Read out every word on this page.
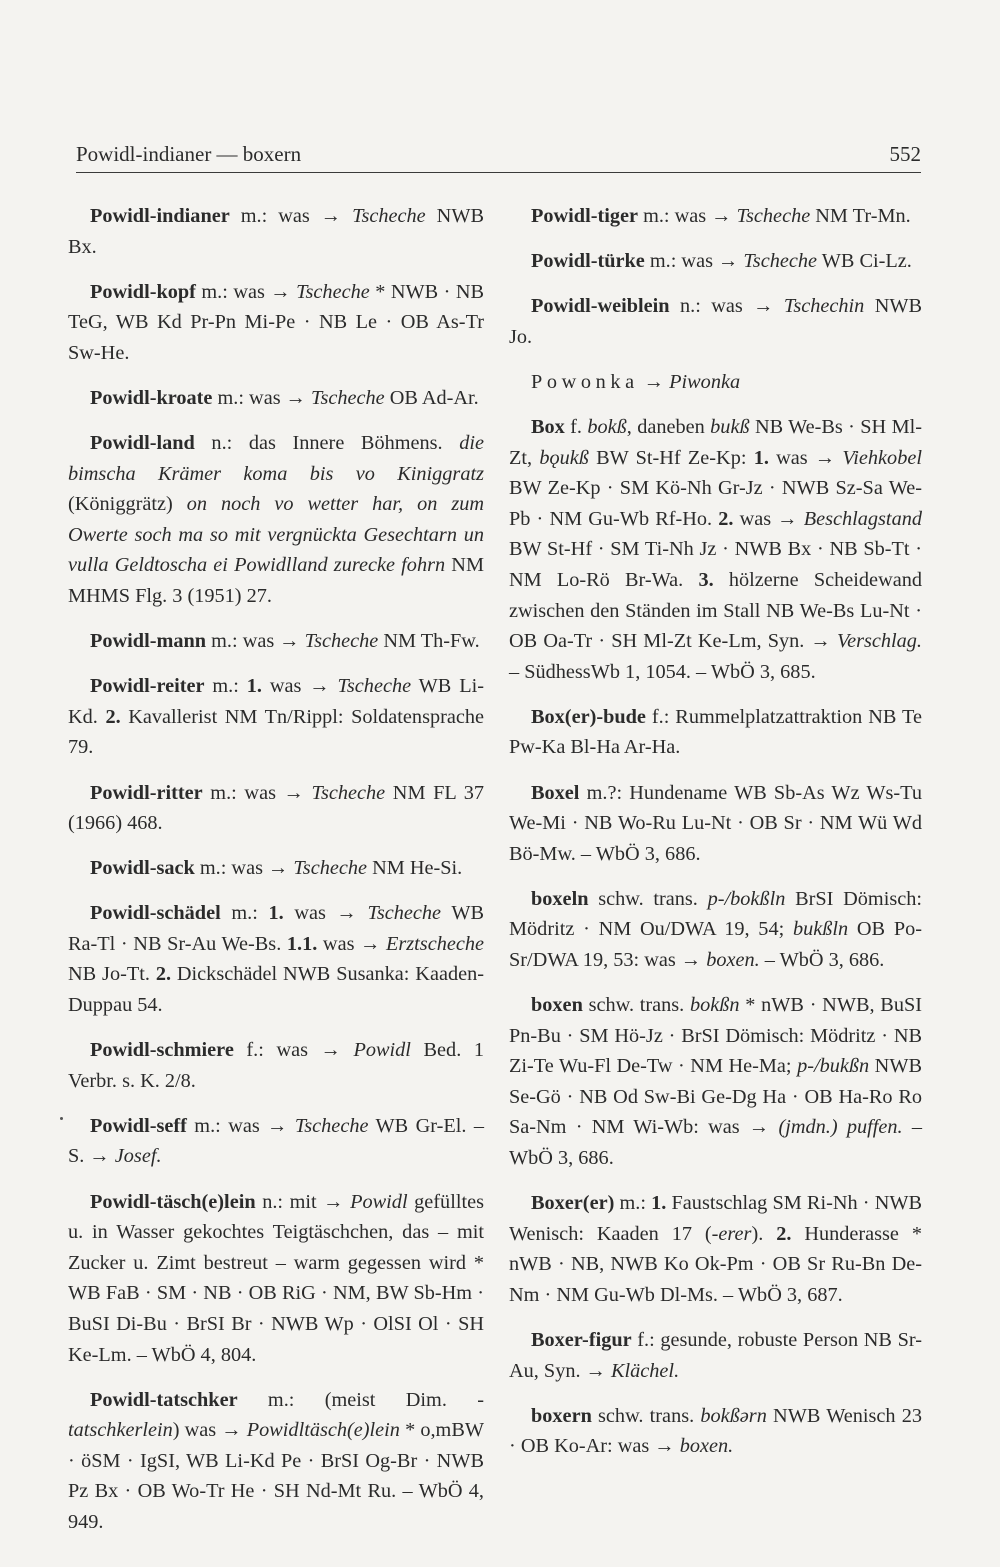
Powidl-indianer — boxern	552

Powidl-indianer m.: was → Tscheche NWB Bx.

Powidl-kopf m.: was → Tscheche * NWB · NB TeG, WB Kd Pr-Pn Mi-Pe · NB Le · OB As-Tr Sw-He.

Powidl-kroate m.: was → Tscheche OB Ad-Ar.

Powidl-land n.: das Innere Böhmens. die bimscha Krämer koma bis vo Kiniggratz (Königgrätz) on noch vo wetter har, on zum Owerte soch ma so mit vergnückta Gesechtarn un vulla Geldtoscha ei Powidlland zurecke fohrn NM MHMS Flg. 3 (1951) 27.

Powidl-mann m.: was → Tscheche NM Th-Fw.

Powidl-reiter m.: 1. was → Tscheche WB Li-Kd. 2. Kavallerist NM Tn/Rippl: Soldatensprache 79.

Powidl-ritter m.: was → Tscheche NM FL 37 (1966) 468.

Powidl-sack m.: was → Tscheche NM He-Si.

Powidl-schädel m.: 1. was → Tscheche WB Ra-Tl · NB Sr-Au We-Bs. 1.1. was → Erztscheche NB Jo-Tt. 2. Dickschädel NWB Susanka: Kaaden-Duppau 54.

Powidl-schmiere f.: was → Powidl Bed. 1 Verbr. s. K. 2/8.

Powidl-seff m.: was → Tscheche WB Gr-El. – S. → Josef.

Powidl-täsch(e)lein n.: mit → Powidl gefülltes u. in Wasser gekochtes Teigtäschchen, das – mit Zucker u. Zimt bestreut – warm gegessen wird * WB FaB · SM · NB · OB RiG · NM, BW Sb-Hm · BuSI Di-Bu · BrSI Br · NWB Wp · OlSI Ol · SH Ke-Lm. – WbÖ 4, 804.

Powidl-tatschker m.: (meist Dim. -tatschkerlein) was → Powidltäsch(e)lein * o,mBW · öSM · IgSI, WB Li-Kd Pe · BrSI Og-Br · NWB Pz Bx · OB Wo-Tr He · SH Nd-Mt Ru. – WbÖ 4, 949.

Powidl-tiger m.: was → Tscheche NM Tr-Mn.

Powidl-türke m.: was → Tscheche WB Ci-Lz.

Powidl-weiblein n.: was → Tschechin NWB Jo.

Powonka → Piwonka

Box f. bokß, daneben bukß NB We-Bs · SH Ml-Zt, bǫukß BW St-Hf Ze-Kp: 1. was → Viehkobel BW Ze-Kp · SM Kö-Nh Gr-Jz · NWB Sz-Sa We-Pb · NM Gu-Wb Rf-Ho. 2. was → Beschlagstand BW St-Hf · SM Ti-Nh Jz · NWB Bx · NB Sb-Tt · NM Lo-Rö Br-Wa. 3. hölzerne Scheidewand zwischen den Ständen im Stall NB We-Bs Lu-Nt · OB Oa-Tr · SH Ml-Zt Ke-Lm, Syn. → Verschlag. – SüdhessWb 1, 1054. – WbÖ 3, 685.

Box(er)-bude f.: Rummelplatzattraktion NB Te Pw-Ka Bl-Ha Ar-Ha.

Boxel m.?: Hundename WB Sb-As Wz Ws-Tu We-Mi · NB Wo-Ru Lu-Nt · OB Sr · NM Wü Wd Bö-Mw. – WbÖ 3, 686.

boxeln schw. trans. p-/bokßln BrSI Dömisch: Mödritz · NM Ou/DWA 19, 54; bukßln OB Po-Sr/DWA 19, 53: was → boxen. – WbÖ 3, 686.

boxen schw. trans. bokßn * nWB · NWB, BuSI Pn-Bu · SM Hö-Jz · BrSI Dömisch: Mödritz · NB Zi-Te Wu-Fl De-Tw · NM He-Ma; p-/bukßn NWB Se-Gö · NB Od Sw-Bi Ge-Dg Ha · OB Ha-Ro Ro Sa-Nm · NM Wi-Wb: was → (jmdn.) puffen. – WbÖ 3, 686.

Boxer(er) m.: 1. Faustschlag SM Ri-Nh · NWB Wenisch: Kaaden 17 (-erer). 2. Hunderasse * nWB · NB, NWB Ko Ok-Pm · OB Sr Ru-Bn De-Nm · NM Gu-Wb Dl-Ms. – WbÖ 3, 687.

Boxer-figur f.: gesunde, robuste Person NB Sr-Au, Syn. → Klächel.

boxern schw. trans. bokßərn NWB Wenisch 23 · OB Ko-Ar: was → boxen.
